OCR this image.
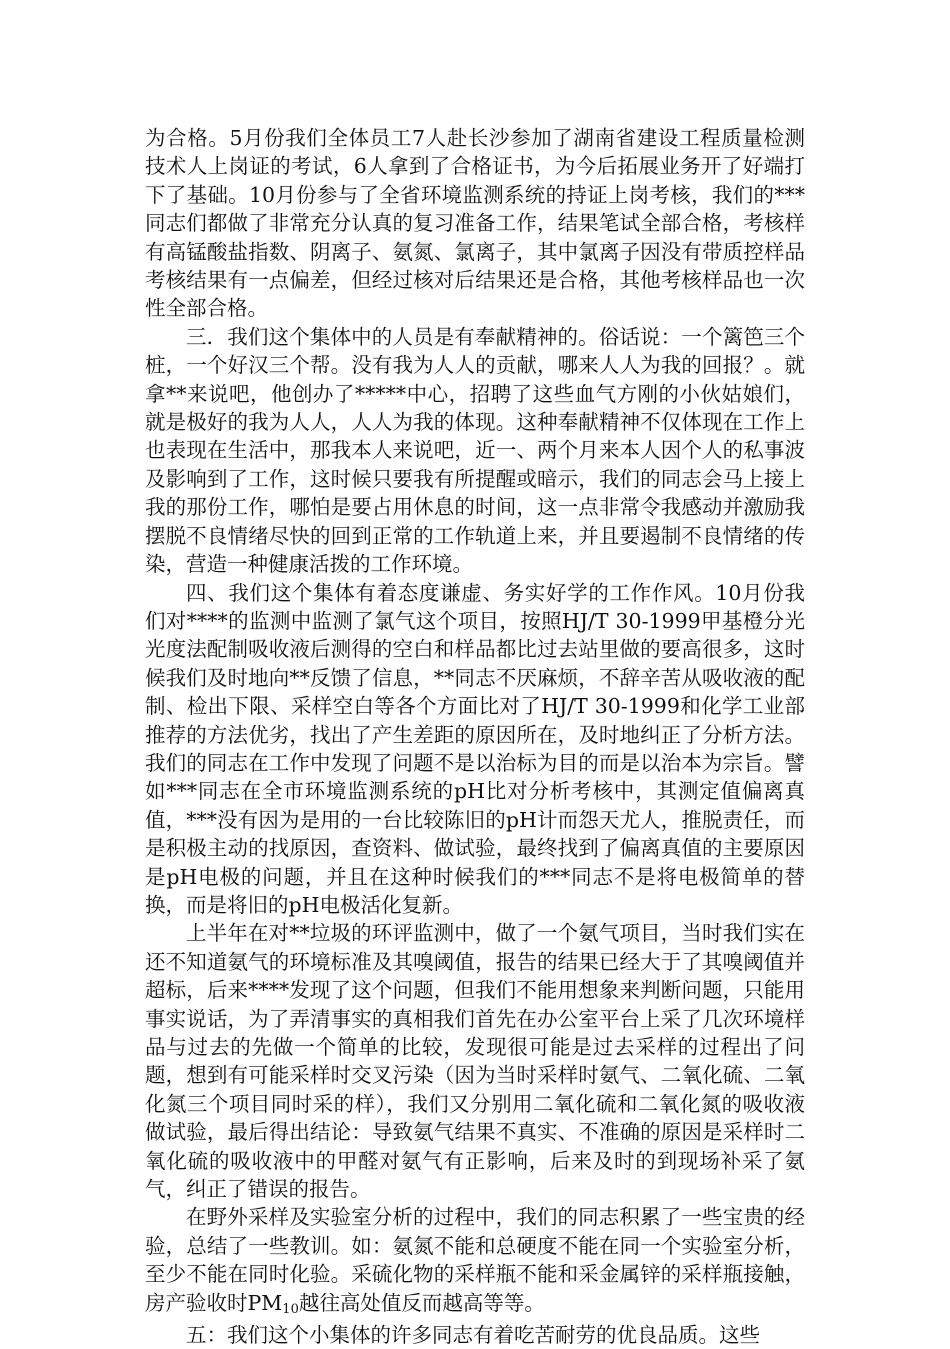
为合格。5月份我们全体员工7人赴长沙参加了湖南省建设工程质量检测技术人上岗证的考试，6人拿到了合格证书，为今后拓展业务开了好端打下了基础。10月份参与了全省环境监测系统的持证上岗考核，我们的***同志们都做了非常充分认真的复习准备工作，结果笔试全部合格，考核样有高锰酸盐指数、阴离子、氨氮、氯离子，其中氯离子因没有带质控样品考核结果有一点偏差，但经过核对后结果还是合格，其他考核样品也一次性全部合格。

三．我们这个集体中的人员是有奉献精神的。俗话说：一个篱笆三个桩，一个好汉三个帮。没有我为人人的贡献，哪来人人为我的回报？。就拿**来说吧，他创办了*****中心，招聘了这些血气方刚的小伙姑娘们，就是极好的我为人人，人人为我的体现。这种奉献精神不仅体现在工作上也表现在生活中，那我本人来说吧，近一、两个月来本人因个人的私事波及影响到了工作，这时候只要我有所提醒或暗示，我们的同志会马上接上我的那份工作，哪怕是要占用休息的时间，这一点非常令我感动并激励我摆脱不良情绪尽快的回到正常的工作轨道上来，并且要遏制不良情绪的传染，营造一种健康活拨的工作环境。

四、我们这个集体有着态度谦虚、务实好学的工作作风。10月份我们对****的监测中监测了氯气这个项目，按照HJ/T 30-1999甲基橙分光光度法配制吸收液后测得的空白和样品都比过去站里做的要高很多，这时候我们及时地向**反馈了信息，**同志不厌麻烦，不辞辛苦从吸收液的配制、检出下限、采样空白等各个方面比对了HJ/T 30-1999和化学工业部推荐的方法优劣，找出了产生差距的原因所在，及时地纠正了分析方法。我们的同志在工作中发现了问题不是以治标为目的而是以治本为宗旨。譬如***同志在全市环境监测系统的pH比对分析考核中，其测定值偏离真值，***没有因为是用的一台比较陈旧的pH计而怨天尤人，推脱责任，而是积极主动的找原因，查资料、做试验，最终找到了偏离真值的主要原因是pH电极的问题，并且在这种时候我们的***同志不是将电极简单的替换，而是将旧的pH电极活化复新。

上半年在对**垃圾的环评监测中，做了一个氨气项目，当时我们实在还不知道氨气的环境标准及其嗅阈值，报告的结果已经大于了其嗅阈值并超标，后来****发现了这个问题，但我们不能用想象来判断问题，只能用事实说话，为了弄清事实的真相我们首先在办公室平台上采了几次环境样品与过去的先做一个简单的比较，发现很可能是过去采样的过程出了问题，想到有可能采样时交叉污染（因为当时采样时氨气、二氧化硫、二氧化氮三个项目同时采的样），我们又分别用二氧化硫和二氧化氮的吸收液做试验，最后得出结论：导致氨气结果不真实、不准确的原因是采样时二氧化硫的吸收液中的甲醛对氨气有正影响，后来及时的到现场补采了氨气，纠正了错误的报告。

在野外采样及实验室分析的过程中，我们的同志积累了一些宝贵的经验，总结了一些教训。如：氨氮不能和总硬度不能在同一个实验室分析，至少不能在同时化验。采硫化物的采样瓶不能和采金属锌的采样瓶接触，房产验收时PM10越往高处值反而越高等等。

五：我们这个小集体的许多同志有着吃苦耐劳的优良品质。这些
